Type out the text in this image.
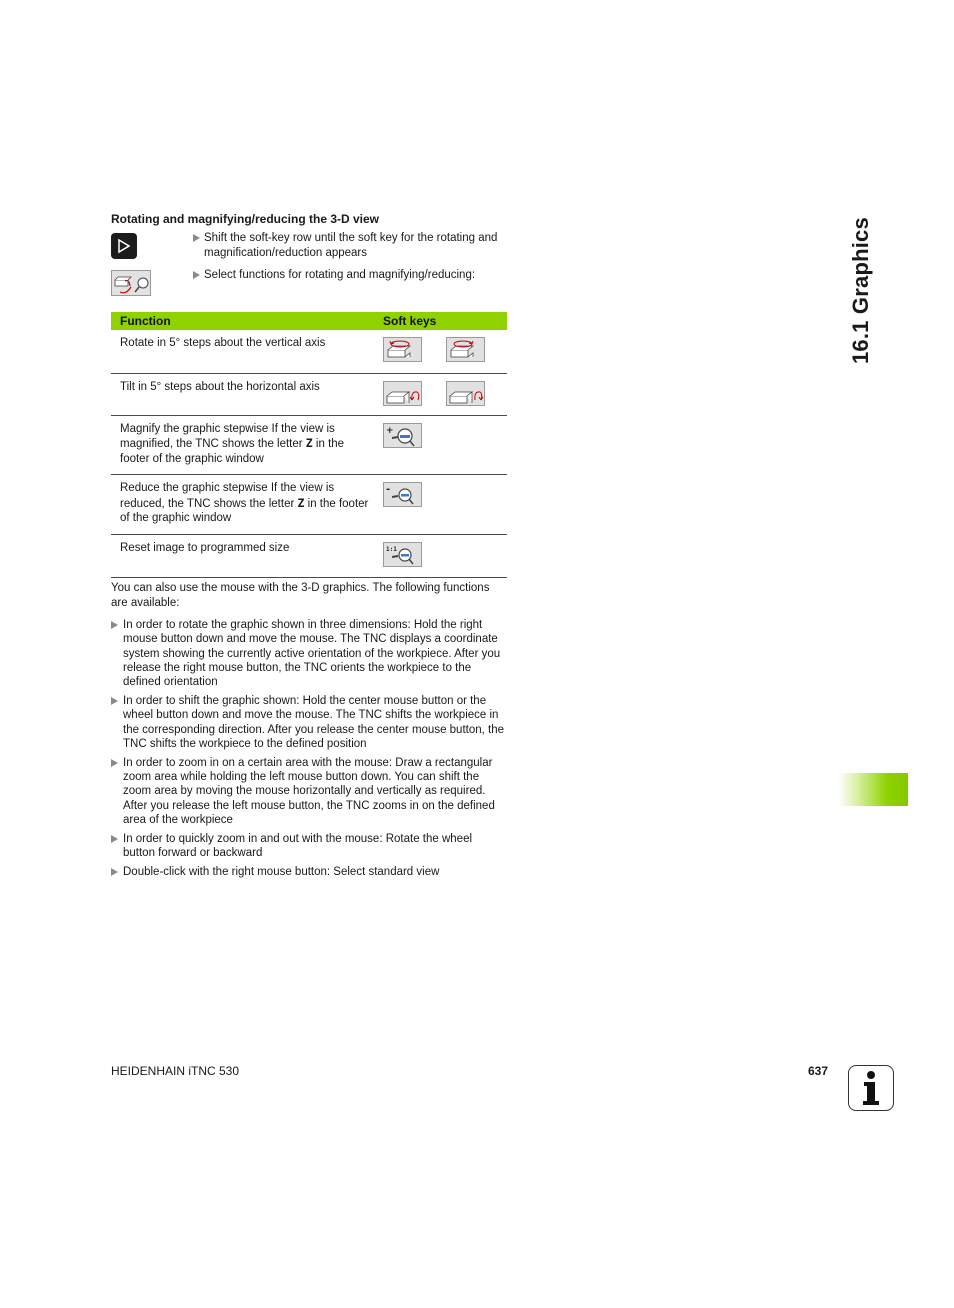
Rotating and magnifying/reducing the 3-D view
Shift the soft-key row until the soft key for the rotating and magnification/reduction appears
Select functions for rotating and magnifying/reducing:
Function	Soft keys
Rotate in 5° steps about the vertical axis	

Tilt in 5° steps about the horizontal axis	

Magnify the graphic stepwise If the view is magnified, the TNC shows the letter Z in the footer of the graphic window	+

Reduce the graphic stepwise If the view is reduced, the TNC shows the letter Z in the footer of the graphic window	-

Reset image to programmed size	1:1
You can also use the mouse with the 3-D graphics. The following functions are available:
In order to rotate the graphic shown in three dimensions: Hold the right mouse button down and move the mouse. The TNC displays a coordinate system showing the currently active orientation of the workpiece. After you release the right mouse button, the TNC orients the workpiece to the defined orientation
In order to shift the graphic shown: Hold the center mouse button or the wheel button down and move the mouse. The TNC shifts the workpiece in the corresponding direction. After you release the center mouse button, the TNC shifts the workpiece to the defined position
In order to zoom in on a certain area with the mouse: Draw a rectangular zoom area while holding the left mouse button down. You can shift the zoom area by moving the mouse horizontally and vertically as required. After you release the left mouse button, the TNC zooms in on the defined area of the workpiece
In order to quickly zoom in and out with the mouse: Rotate the wheel button forward or backward
Double-click with the right mouse button: Select standard view
16.1 Graphics
HEIDENHAIN iTNC 530	637
